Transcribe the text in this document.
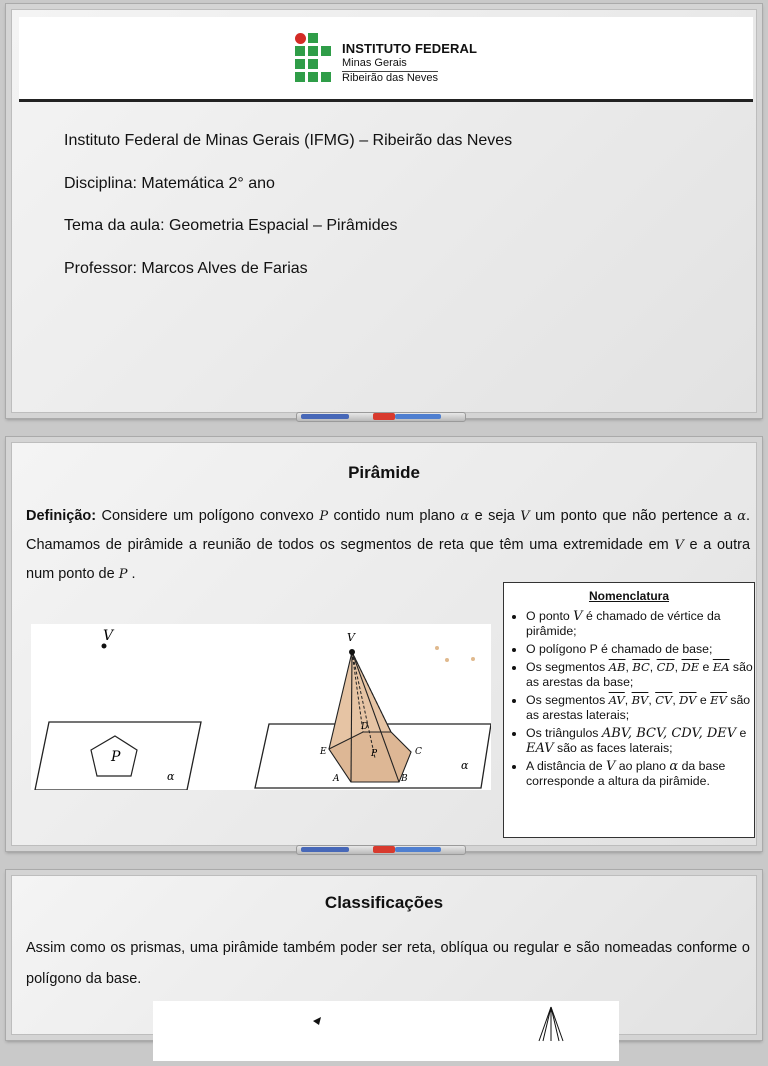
INSTITUTO FEDERAL
Minas Gerais
Ribeirão das Neves
Instituto Federal de Minas Gerais (IFMG) – Ribeirão das Neves
Disciplina: Matemática 2° ano
Tema da aula: Geometria Espacial – Pirâmides
Professor: Marcos Alves de Farias
Pirâmide
Definição: Considere um polígono convexo P contido num plano α e seja V um ponto que não pertence a α. Chamamos de pirâmide a reunião de todos os segmentos de reta que têm uma extremidade em V e a outra num ponto de P .
V
P
α
V
E
D
P	C
A	B
α
Nomenclatura
• O ponto V é chamado de vértice da pirâmide;
• O polígono P é chamado de base;
• Os segmentos $\overline{AB}$, $\overline{BC}$, $\overline{CD}$, $\overline{DE}$ e $\overline{EA}$ são as arestas da base;
• Os segmentos $\overline{AV}$, $\overline{BV}$, $\overline{CV}$, $\overline{DV}$ e $\overline{EV}$ são as arestas laterais;
• Os triângulos ABV, BCV, CDV, DEV e EAV são as faces laterais;
• A distância de V ao plano α da base corresponde a altura da pirâmide.
Classificações
Assim como os prismas, uma pirâmide também poder ser reta, oblíqua ou regular e são nomeadas conforme o polígono da base.
